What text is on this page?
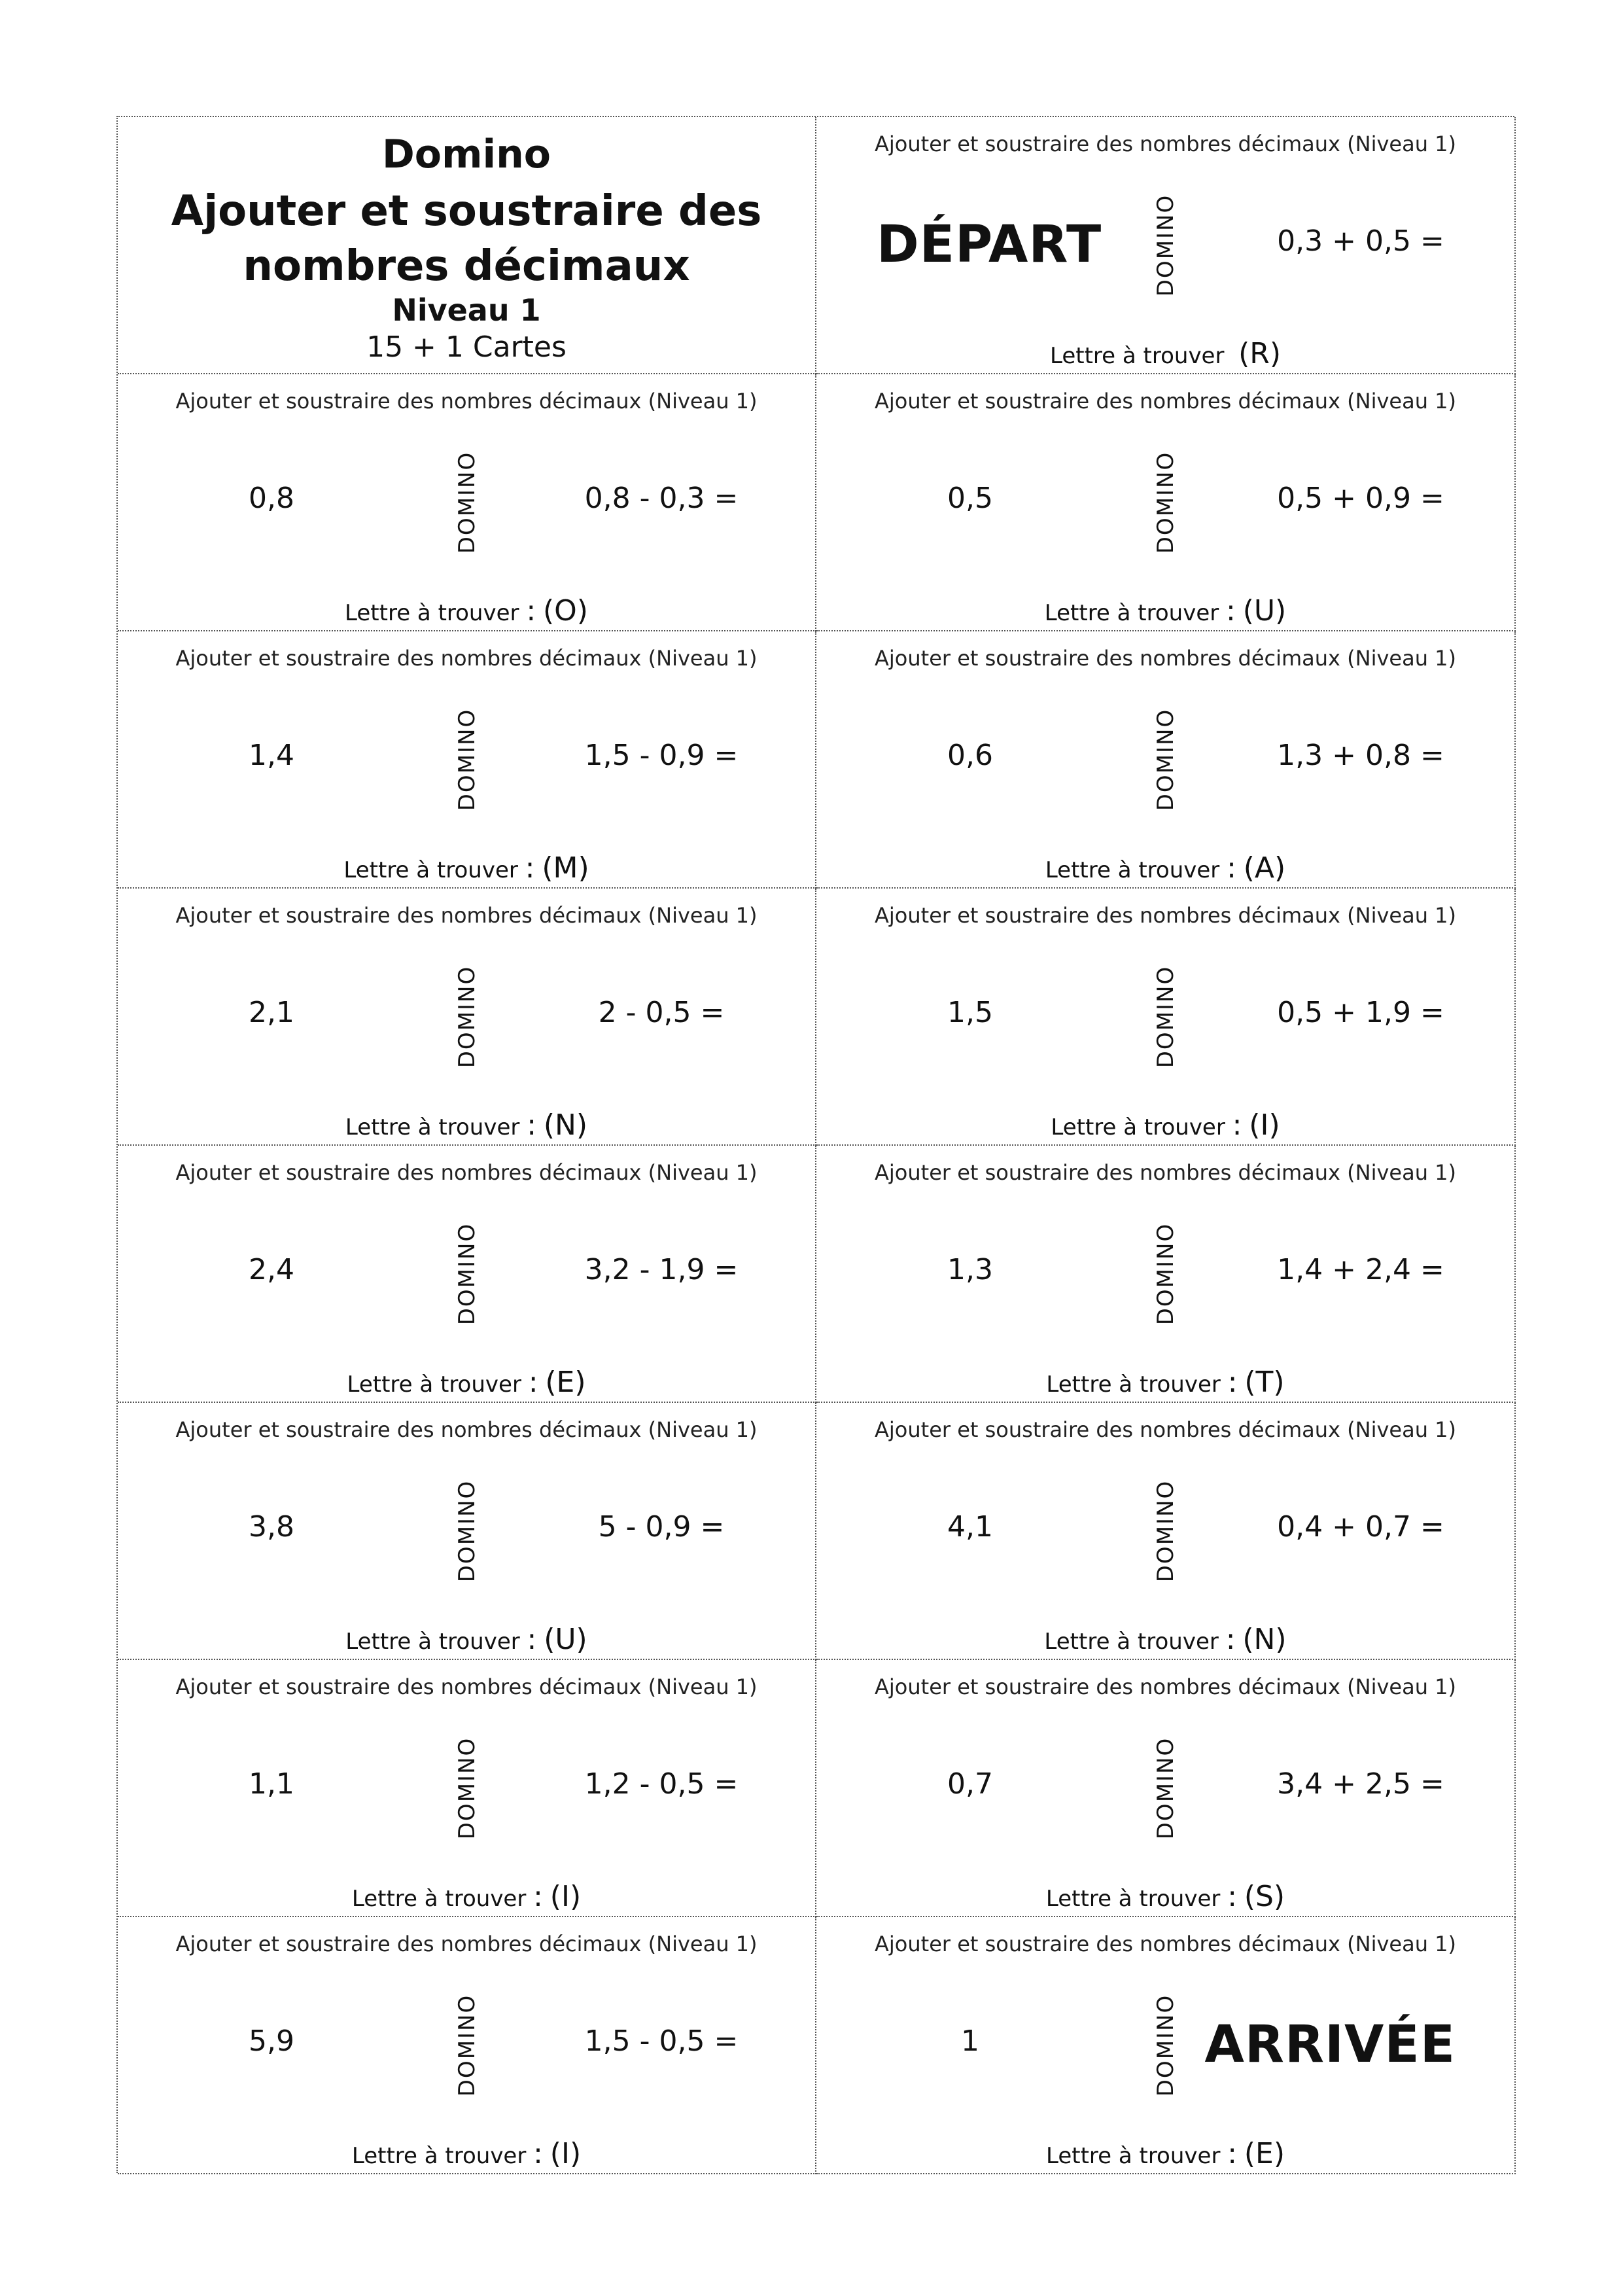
Domino
Ajouter et soustraire des
nombres décimaux
Niveau 1
15 + 1 Cartes
Ajouter et soustraire des nombres décimaux (Niveau 1)
DÉPART DOMINO	0,3 + 0,5 =
Lettre à trouver (R)
Ajouter et soustraire des nombres décimaux (Niveau 1)
0,8	DOMINO	0,8 - 0,3 =
Lettre à trouver : (O)
Ajouter et soustraire des nombres décimaux (Niveau 1)
0,5	DOMINO	0,5 + 0,9 =
Lettre à trouver : (U)
Ajouter et soustraire des nombres décimaux (Niveau 1)
1,4	DOMINO	1,5 - 0,9 =
Lettre à trouver : (M)
Ajouter et soustraire des nombres décimaux (Niveau 1)
0,6	DOMINO	1,3 + 0,8 =
Lettre à trouver : (A)
Ajouter et soustraire des nombres décimaux (Niveau 1)
2,1	DOMINO	2 - 0,5 =
Lettre à trouver : (N)
Ajouter et soustraire des nombres décimaux (Niveau 1)
1,5	DOMINO	0,5 + 1,9 =
Lettre à trouver : (I)
Ajouter et soustraire des nombres décimaux (Niveau 1)
2,4	DOMINO	3,2 - 1,9 =
Lettre à trouver : (E)
Ajouter et soustraire des nombres décimaux (Niveau 1)
1,3	DOMINO	1,4 + 2,4 =
Lettre à trouver : (T)
Ajouter et soustraire des nombres décimaux (Niveau 1)
3,8	DOMINO	5 - 0,9 =
Lettre à trouver : (U)
Ajouter et soustraire des nombres décimaux (Niveau 1)
4,1	DOMINO	0,4 + 0,7 =
Lettre à trouver : (N)
Ajouter et soustraire des nombres décimaux (Niveau 1)
1,1	DOMINO	1,2 - 0,5 =
Lettre à trouver : (I)
Ajouter et soustraire des nombres décimaux (Niveau 1)
0,7	DOMINO	3,4 + 2,5 =
Lettre à trouver : (S)
Ajouter et soustraire des nombres décimaux (Niveau 1)
5,9	DOMINO	1,5 - 0,5 =
Lettre à trouver : (I)
Ajouter et soustraire des nombres décimaux (Niveau 1)
1	DOMINO ARRIVÉE
Lettre à trouver : (E)
